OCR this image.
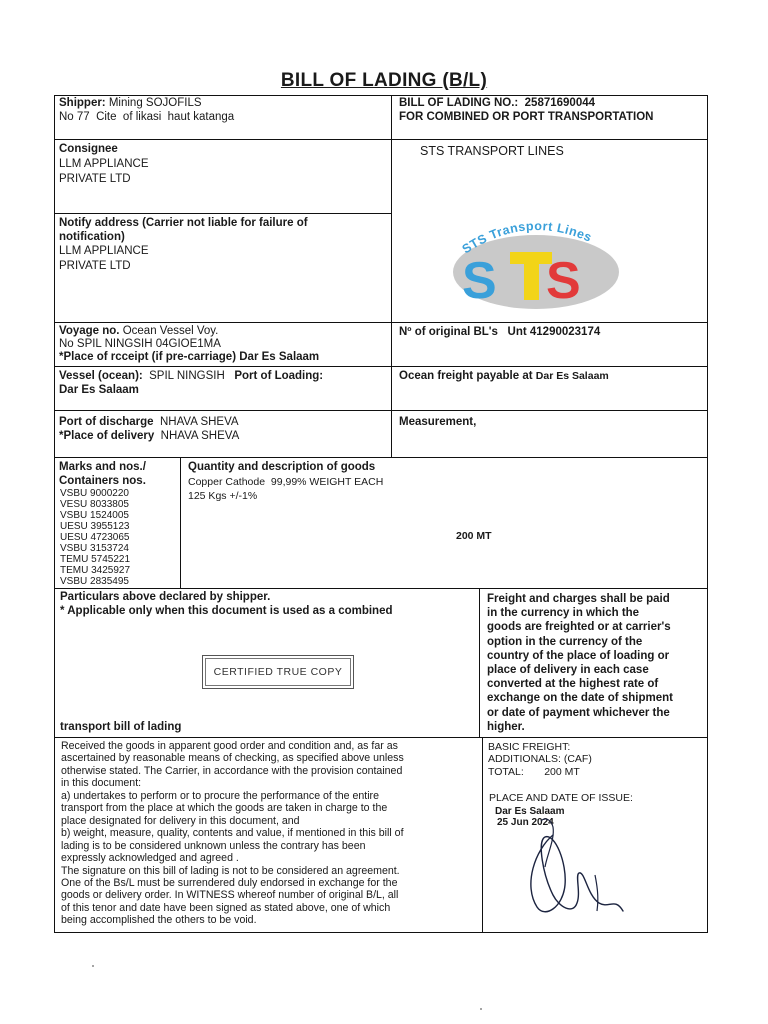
BILL OF LADING (B/L)
Shipper: Mining SOJOFILS
No 77  Cite  of likasi  haut katanga
BILL OF LADING NO.: 25871690044
FOR COMBINED OR PORT TRANSPORTATION
Consignee
LLM APPLIANCE
PRIVATE LTD
STS TRANSPORT LINES
STS Transport Lines
S S
Notify address (Carrier not liable for failure of
notification)
LLM APPLIANCE
PRIVATE LTD
Voyage no. Ocean Vessel Voy.
No SPIL NINGSIH 04GIOE1MA
*Place of rcceipt (if pre-carriage) Dar Es Salaam
Nº of original BL's Unt 41290023174
Vessel (ocean): SPIL NINGSIH Port of Loading:
Dar Es Salaam
Ocean freight payable at Dar Es Salaam
Port of discharge NHAVA SHEVA
*Place of delivery NHAVA SHEVA
Measurement,
Marks and nos./
Containers nos.
VSBU 9000220
VESU 8033805
VSBU 1524005
UESU 3955123
UESU 4723065
VSBU 3153724
TEMU 5745221
TEMU 3425927
VSBU 2835495
Quantity and description of goods
Copper Cathode  99,99% WEIGHT EACH
125 Kgs +/-1%
200 MT
Particulars above declared by shipper.
* Applicable only when this document is used as a combined
transport bill of lading
CERTIFIED TRUE COPY
Freight and charges shall be paid
in the currency in which the
goods are freighted or at carrier's
option in the currency of the
country of the place of loading or
place of delivery in each case
converted at the highest rate of
exchange on the date of shipment
or date of payment whichever the
higher.
Received the goods in apparent good order and condition and, as far as
ascertained by reasonable means of checking, as specified above unless
otherwise stated. The Carrier, in accordance with the provision contained
in this document:
a) undertakes to perform or to procure the performance of the entire
transport from the place at which the goods are taken in charge to the
place designated for delivery in this document, and
b) weight, measure, quality, contents and value, if mentioned in this bill of
lading is to be considered unknown unless the contrary has been
expressly acknowledged and agreed .
The signature on this bill of lading is not to be considered an agreement.
One of the Bs/L must be surrendered duly endorsed in exchange for the
goods or delivery order. In WITNESS whereof number of original B/L, all
of this tenor and date have been signed as stated above, one of which
being accomplished the others to be void.
BASIC FREIGHT:
ADDITIONALS: (CAF)
TOTAL: 200 MT
PLACE AND DATE OF ISSUE:
Dar Es Salaam
25 Jun 2024
